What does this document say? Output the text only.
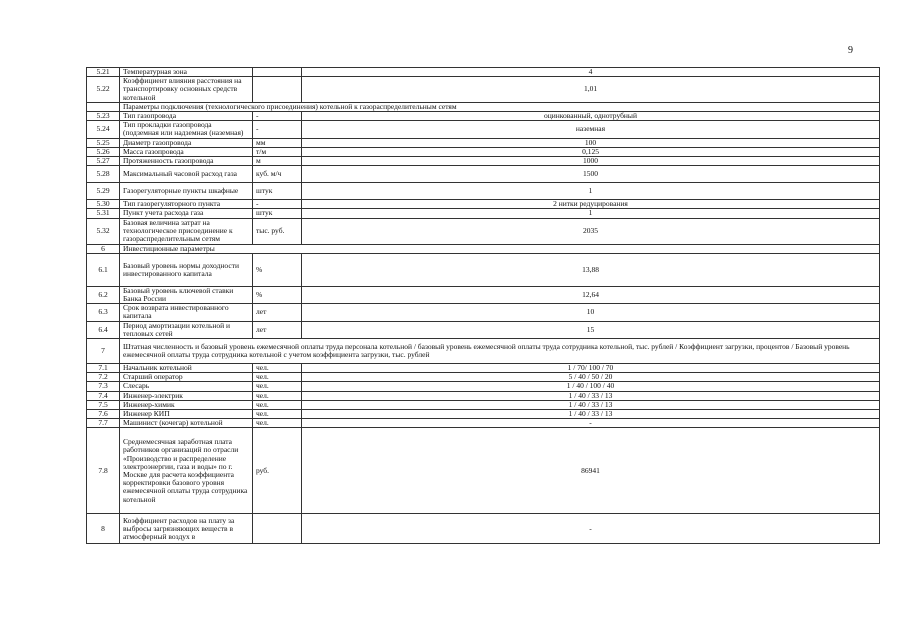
9
5.21	Температурная зона		4
5.22	Коэффициент влияния расстояния на транспортировку основных средств котельной		1,01
	Параметры подключения (технологического присоединения) котельной к газораспределительным сетям		
5.23	Тип газопровода	-	оцинкованный, однотрубный
5.24	Тип прокладки газопровода (подземная или надземная (наземная)	-	наземная
5.25	Диаметр газопровода	мм	100
5.26	Масса газопровода	т/м	0,125
5.27	Протяженность газопровода	м	1000
5.28	Максимальный часовой расход газа	куб. м/ч	1500
5.29	Газорегуляторные пункты шкафные	штук	1
5.30	Тип газорегуляторного пункта	-	2 нитки редуцирования
5.31	Пункт учета расхода газа	штук	1
5.32	Базовая величина затрат на технологическое присоединение к газораспределительным сетям	тыс. руб.	2035
6	Инвестиционные параметры		
6.1	Базовый уровень нормы доходности инвестированного капитала	%	13,88
6.2	Базовый уровень ключевой ставки Банка России	%	12,64
6.3	Срок возврата инвестированного капитала	лет	10
6.4	Период амортизации котельной и тепловых сетей	лет	15
7	Штатная численность и базовый уровень ежемесячной оплаты труда персонала котельной / базовый уровень ежемесячной оплаты труда сотрудника котельной, тыс. рублей / Коэффициент загрузки, процентов / Базовый уровень ежемесячной оплаты труда сотрудника котельной с учетом коэффициента загрузки, тыс. рублей		
7.1	Начальник котельной	чел.	1 / 70/ 100 / 70
7.2	Старший оператор	чел.	5 / 40 / 50 / 20
7.3	Слесарь	чел.	1 / 40 / 100 / 40
7.4	Инженер-электрик	чел.	1 / 40 / 33 / 13
7.5	Инженер-химик	чел.	1 / 40 / 33 / 13
7.6	Инженер КИП	чел.	1 / 40 / 33 / 13
7.7	Машинист (кочегар) котельной	чел.	-
7.8	Среднемесячная заработная плата работников организаций по отрасли «Производство и распределение электроэнергии, газа и воды» по г. Москве для расчета коэффициента корректировки базового уровня ежемесячной оплаты труда сотрудника котельной	руб.	86941
8	Коэффициент расходов на плату за выбросы загрязняющих веществ в атмосферный воздух в		-
